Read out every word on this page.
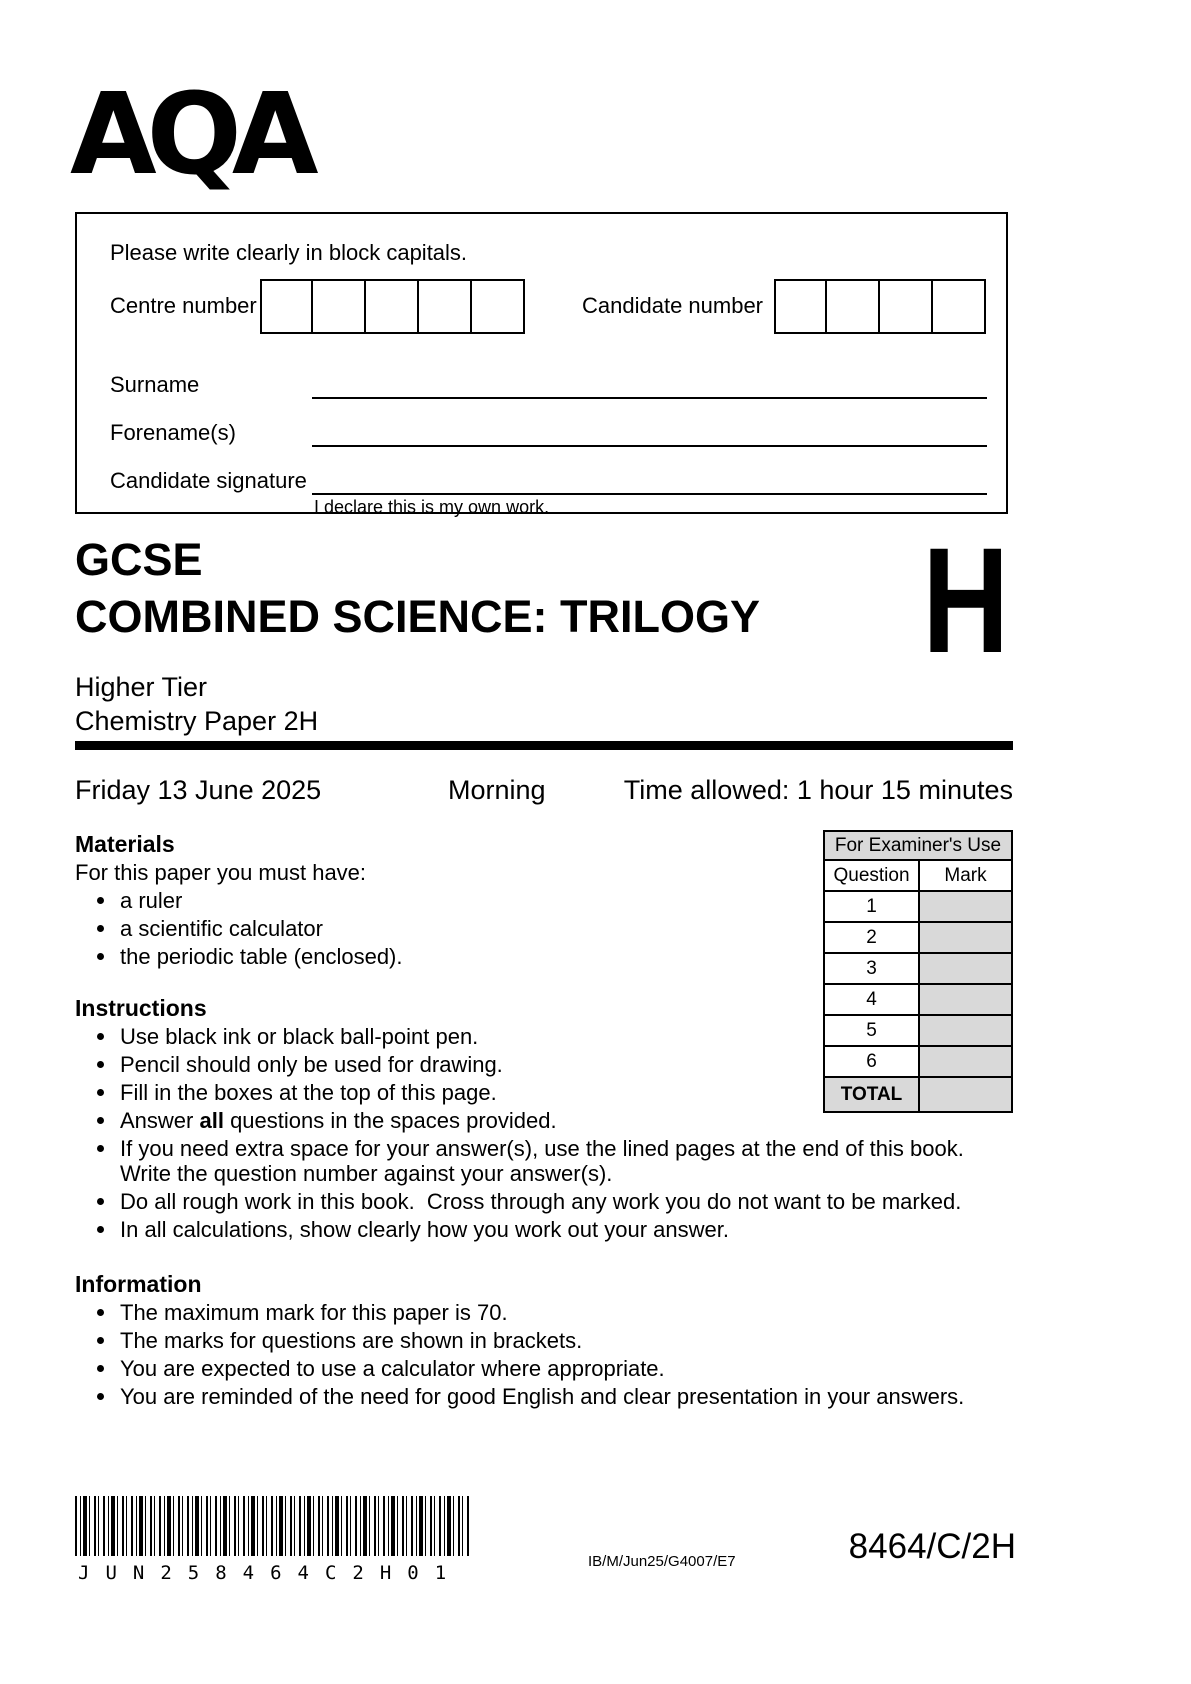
AQA
Please write clearly in block capitals.
Centre number	Candidate number
Surname
Forename(s)
Candidate signature
I declare this is my own work.
GCSE
COMBINED SCIENCE: TRILOGY H
Higher Tier
Chemistry Paper 2H
Friday 13 June 2025	Morning	Time allowed: 1 hour 15 minutes
For Examiner's Use	
Question	Mark
1	
2	
3	
4	
5	
6	
TOTAL	
Materials

For this paper you must have:

a ruler
a scientific calculator
the periodic table (enclosed).
Instructions
Use black ink or black ball-point pen.
Pencil should only be used for drawing.
Fill in the boxes at the top of this page.
Answer all questions in the spaces provided.
If you need extra space for your answer(s), use the lined pages at the end of this book.  Write the question number against your answer(s).
Do all rough work in this book.  Cross through any work you do not want to be marked.
In all calculations, show clearly how you work out your answer.
Information
The maximum mark for this paper is 70.
The marks for questions are shown in brackets.
You are expected to use a calculator where appropriate.
You are reminded of the need for good English and clear presentation in your answers.
JUN258464C2H01
IB/M/Jun25/G4007/E7	8464/C/2H
